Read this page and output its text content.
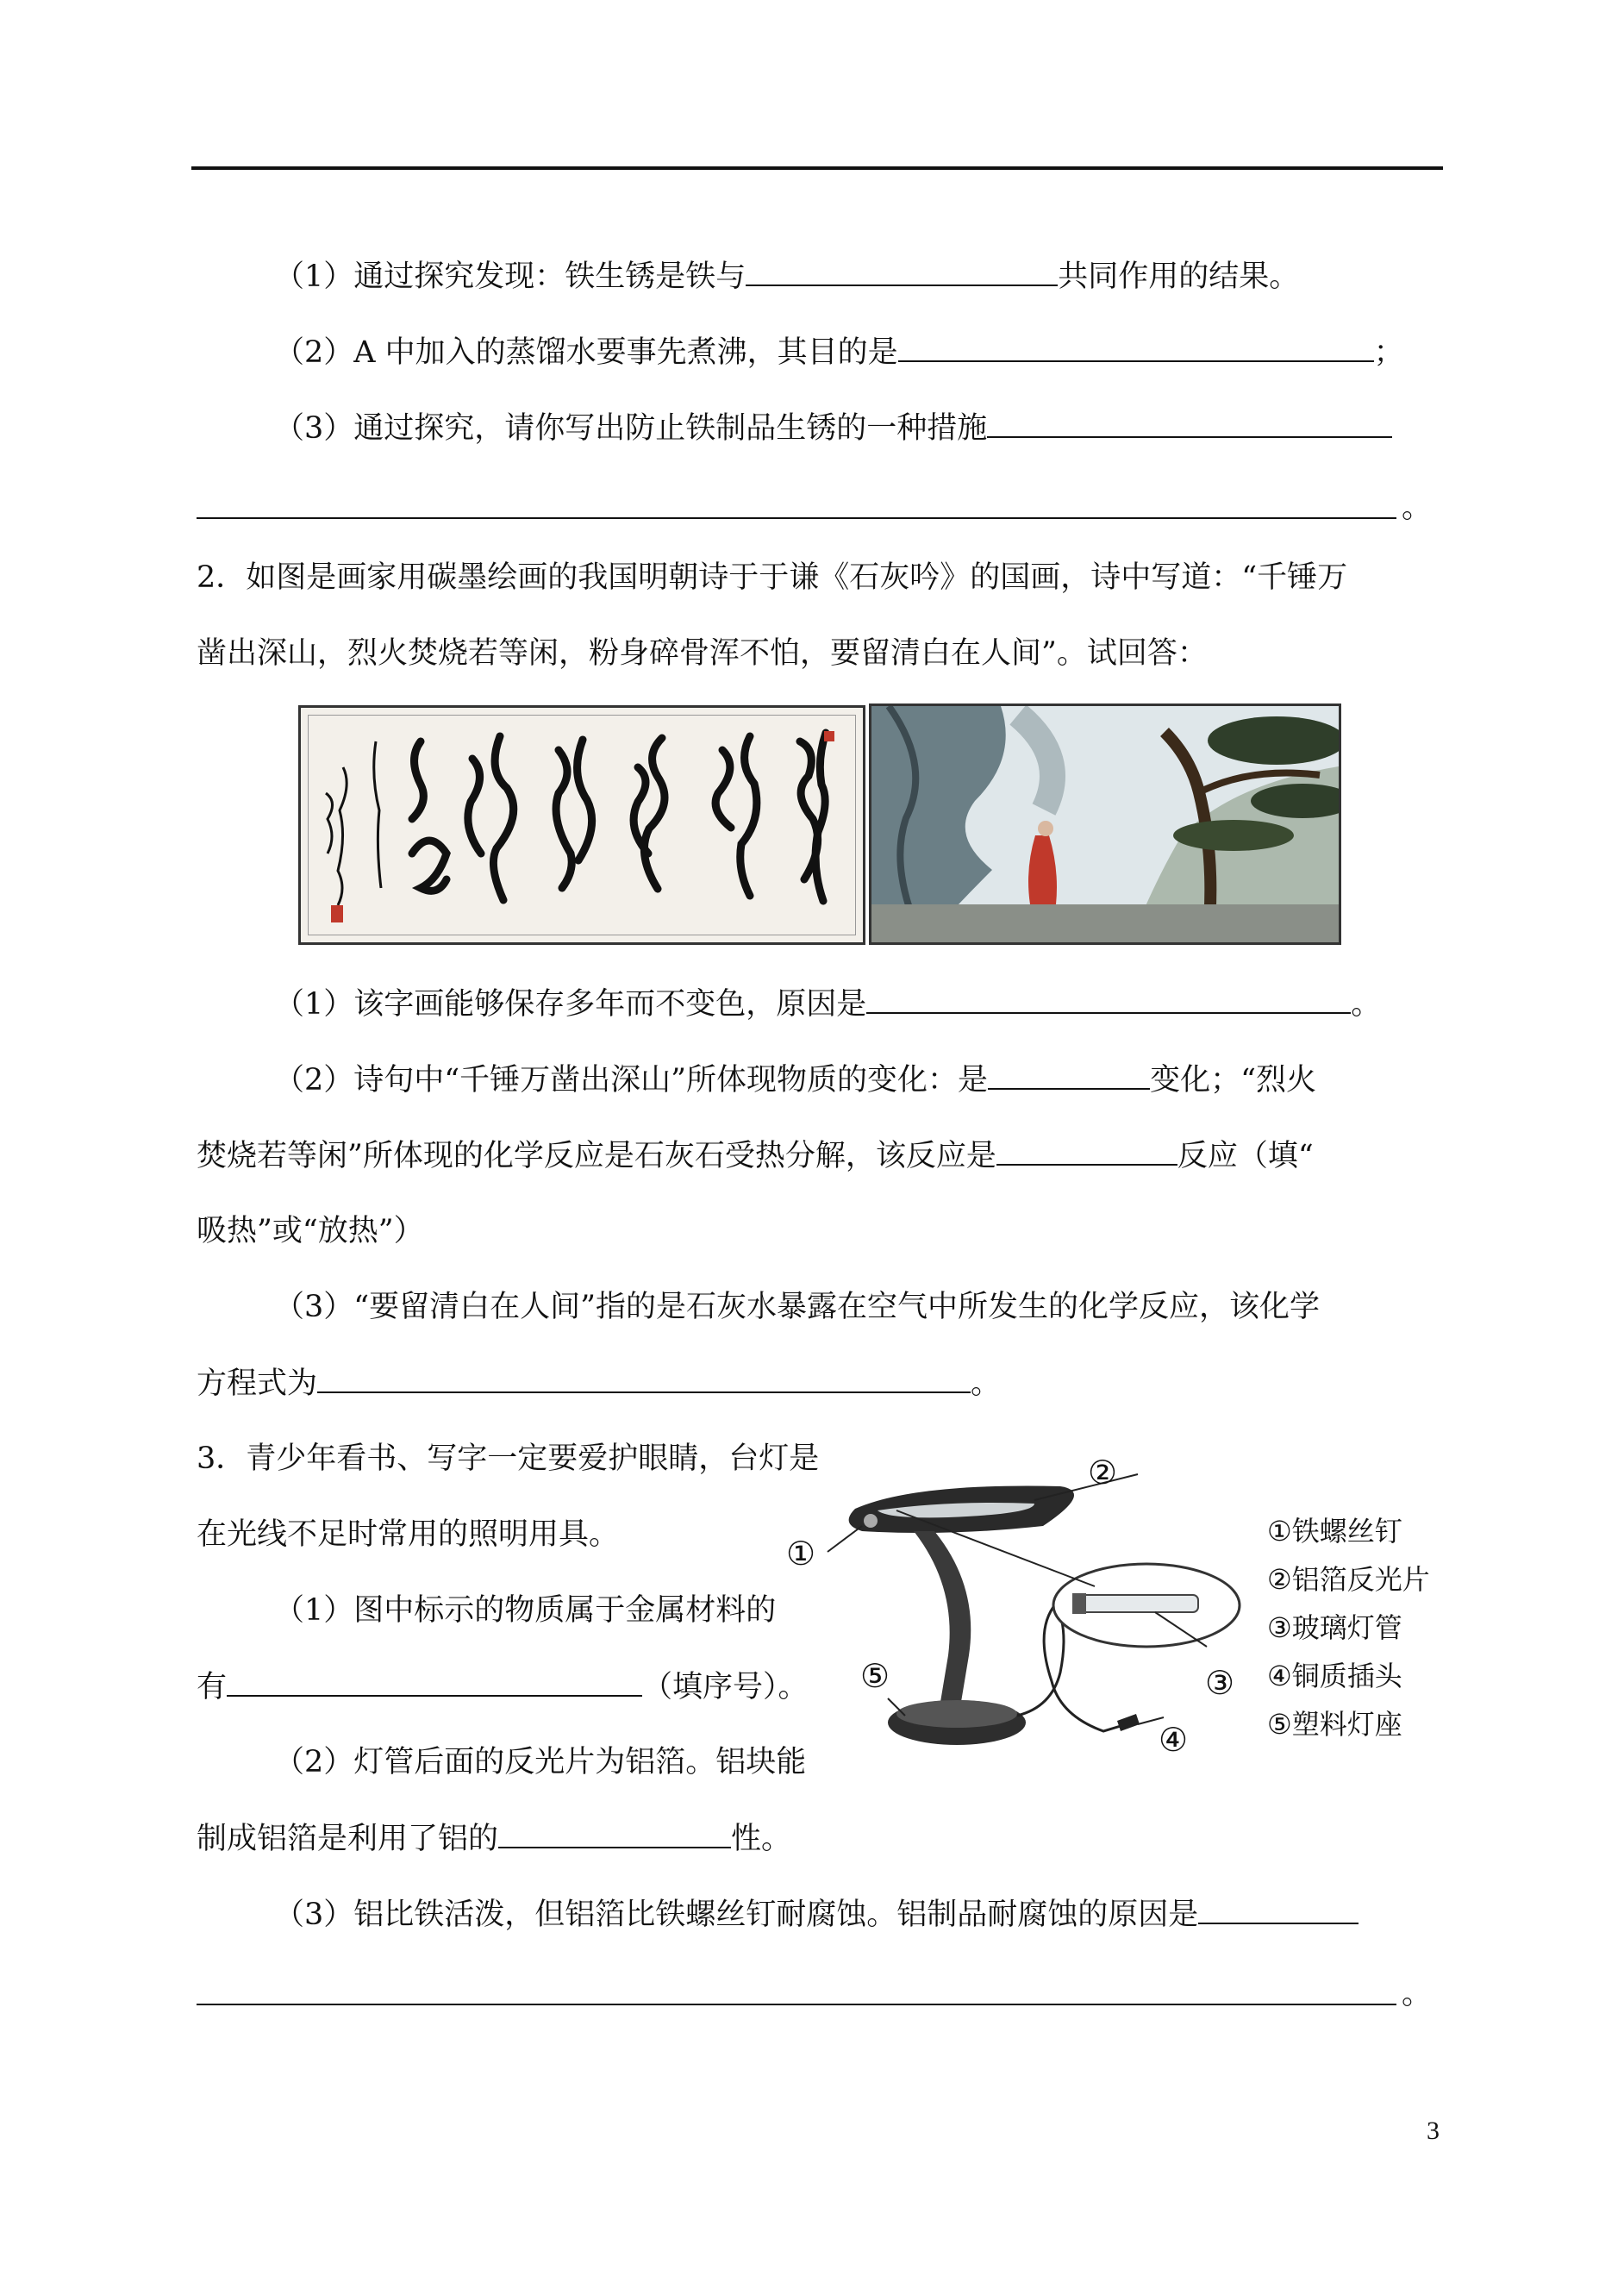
（1）通过探究发现：铁生锈是铁与	共同作用的结果。
（2）A 中加入的蒸馏水要事先煮沸，其目的是	；
（3）通过探究，请你写出防止铁制品生锈的一种措施
。
2．如图是画家用碳墨绘画的我国明朝诗于于谦《石灰吟》的国画，诗中写道：“千锤万
凿出深山，烈火焚烧若等闲，粉身碎骨浑不怕，要留清白在人间”。试回答：
（1）该字画能够保存多年而不变色，原因是	。
（2）诗句中“千锤万凿出深山”所体现物质的变化：是	变化；“烈火
焚烧若等闲”所体现的化学反应是石灰石受热分解，该反应是	反应（填“
吸热”或“放热”）
（3）“要留清白在人间”指的是石灰水暴露在空气中所发生的化学反应，该化学
方程式为	。
3．青少年看书、写字一定要爱护眼睛，台灯是
在光线不足时常用的照明用具。
（1）图中标示的物质属于金属材料的
有	（填序号）。
（2）灯管后面的反光片为铝箔。铝块能
制成铝箔是利用了铝的	性。
（3）铝比铁活泼，但铝箔比铁螺丝钉耐腐蚀。铝制品耐腐蚀的原因是
。
②
①
③
⑤
④
①铁螺丝钉
②铝箔反光片
③玻璃灯管
④铜质插头
⑤塑料灯座
3
